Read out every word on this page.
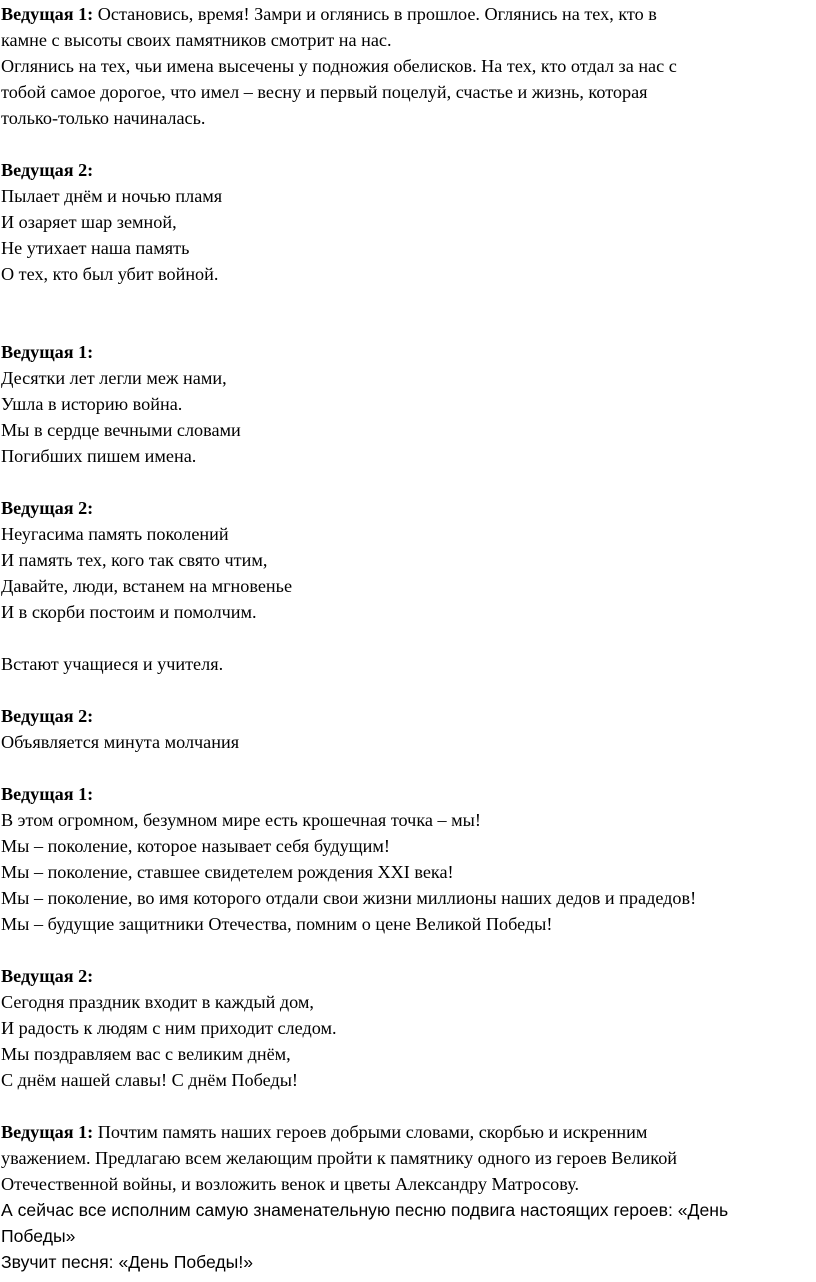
Ведущая 1: Остановись, время! Замри и оглянись в прошлое. Оглянись на тех, кто в
камне с высоты своих памятников смотрит на нас.
Оглянись на тех, чьи имена высечены у подножия обелисков. На тех, кто отдал за нас с
тобой самое дорогое, что имел – весну и первый поцелуй, счастье и жизнь, которая
только-только начиналась.
Ведущая 2:
Пылает днём и ночью пламя
И озаряет шар земной,
Не утихает наша память
О тех, кто был убит войной.
Ведущая 1:
Десятки лет легли меж нами,
Ушла в историю война.
Мы в сердце вечными словами
Погибших пишем имена.
Ведущая 2:
Неугасима память поколений
И память тех, кого так свято чтим,
Давайте, люди, встанем на мгновенье
И в скорби постоим и помолчим.
Встают учащиеся и учителя.
Ведущая 2:
Объявляется минута молчания
Ведущая 1:
В этом огромном, безумном мире есть крошечная точка – мы!
Мы – поколение, которое называет себя будущим!
Мы – поколение, ставшее свидетелем рождения XXI века!
Мы – поколение, во имя которого отдали свои жизни миллионы наших дедов и прадедов!
Мы – будущие защитники Отечества, помним о цене Великой Победы!
Ведущая 2:
Сегодня праздник входит в каждый дом,
И радость к людям с ним приходит следом.
Мы поздравляем вас с великим днём,
С днём нашей славы! С днём Победы!
Ведущая 1: Почтим память наших героев добрыми словами, скорбью и искренним
уважением. Предлагаю всем желающим пройти к памятнику одного из героев Великой
Отечественной войны, и возложить венок и цветы Александру Матросову.
А сейчас все исполним самую знаменательную песню подвига настоящих героев: «День
Победы»
Звучит песня: «День Победы!»
